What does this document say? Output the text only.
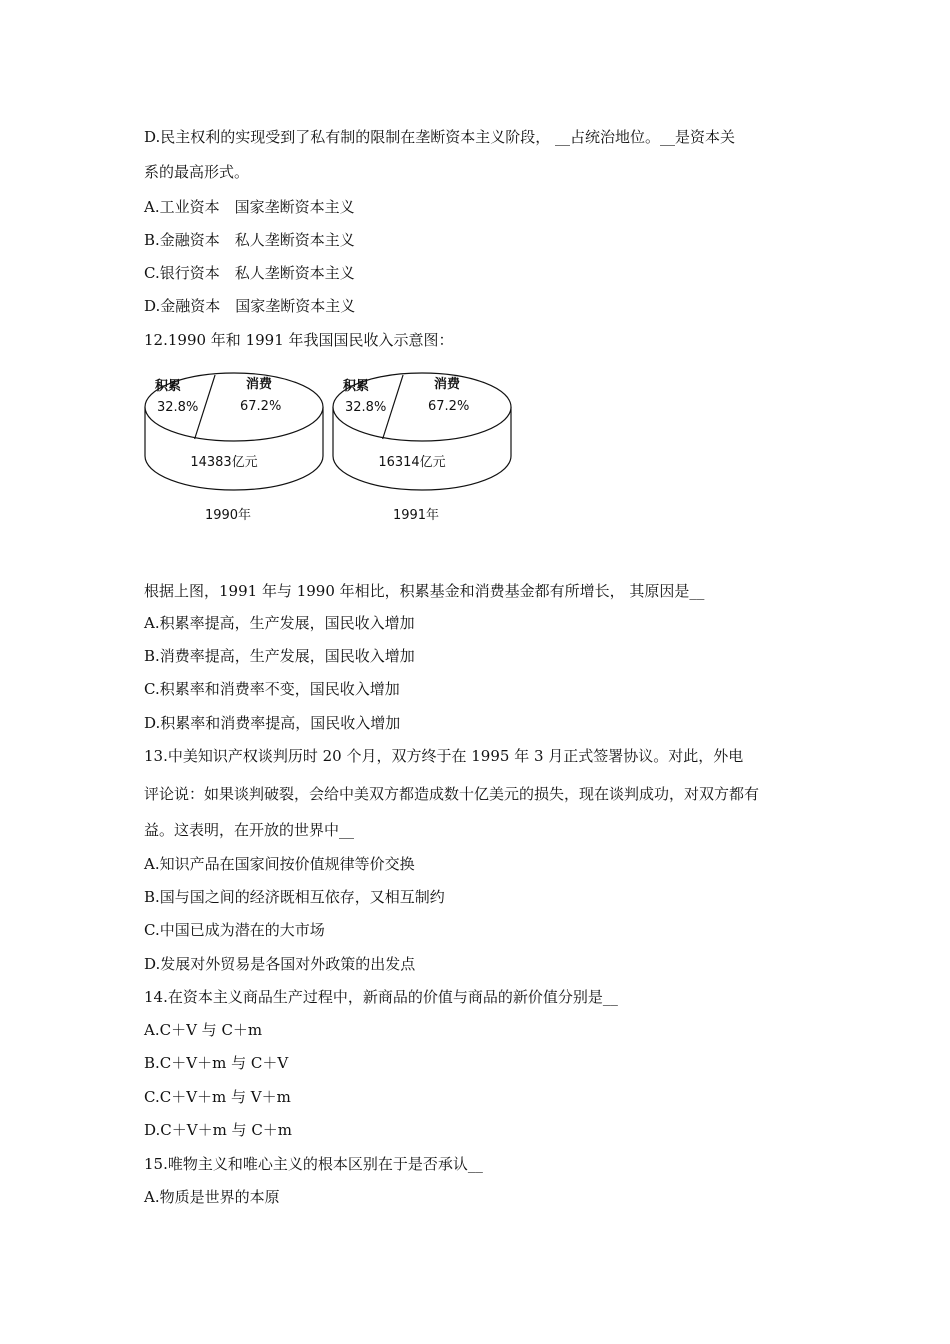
D.民主权利的实现受到了私有制的限制在垄断资本主义阶段， __占统治地位。__是资本关
系的最高形式。
A.工业资本　国家垄断资本主义
B.金融资本　私人垄断资本主义
C.银行资本　私人垄断资本主义
D.金融资本　国家垄断资本主义
12.1990 年和 1991 年我国国民收入示意图：
积累
32.8%
消费
67.2%
14383亿元
1990年
积累
32.8%
消费
67.2%
16314亿元
1991年
根据上图，1991 年与 1990 年相比，积累基金和消费基金都有所增长， 其原因是__
A.积累率提高，生产发展，国民收入增加
B.消费率提高，生产发展，国民收入增加
C.积累率和消费率不变，国民收入增加
D.积累率和消费率提高，国民收入增加
13.中美知识产权谈判历时 20 个月，双方终于在 1995 年 3 月正式签署协议。对此，外电
评论说：如果谈判破裂，会给中美双方都造成数十亿美元的损失，现在谈判成功，对双方都有
益。这表明，在开放的世界中__
A.知识产品在国家间按价值规律等价交换
B.国与国之间的经济既相互依存，又相互制约
C.中国已成为潜在的大市场
D.发展对外贸易是各国对外政策的出发点
14.在资本主义商品生产过程中，新商品的价值与商品的新价值分别是__
A.C＋V 与 C＋m
B.C＋V＋m 与 C＋V
C.C＋V＋m 与 V＋m
D.C＋V＋m 与 C＋m
15.唯物主义和唯心主义的根本区别在于是否承认__
A.物质是世界的本原
